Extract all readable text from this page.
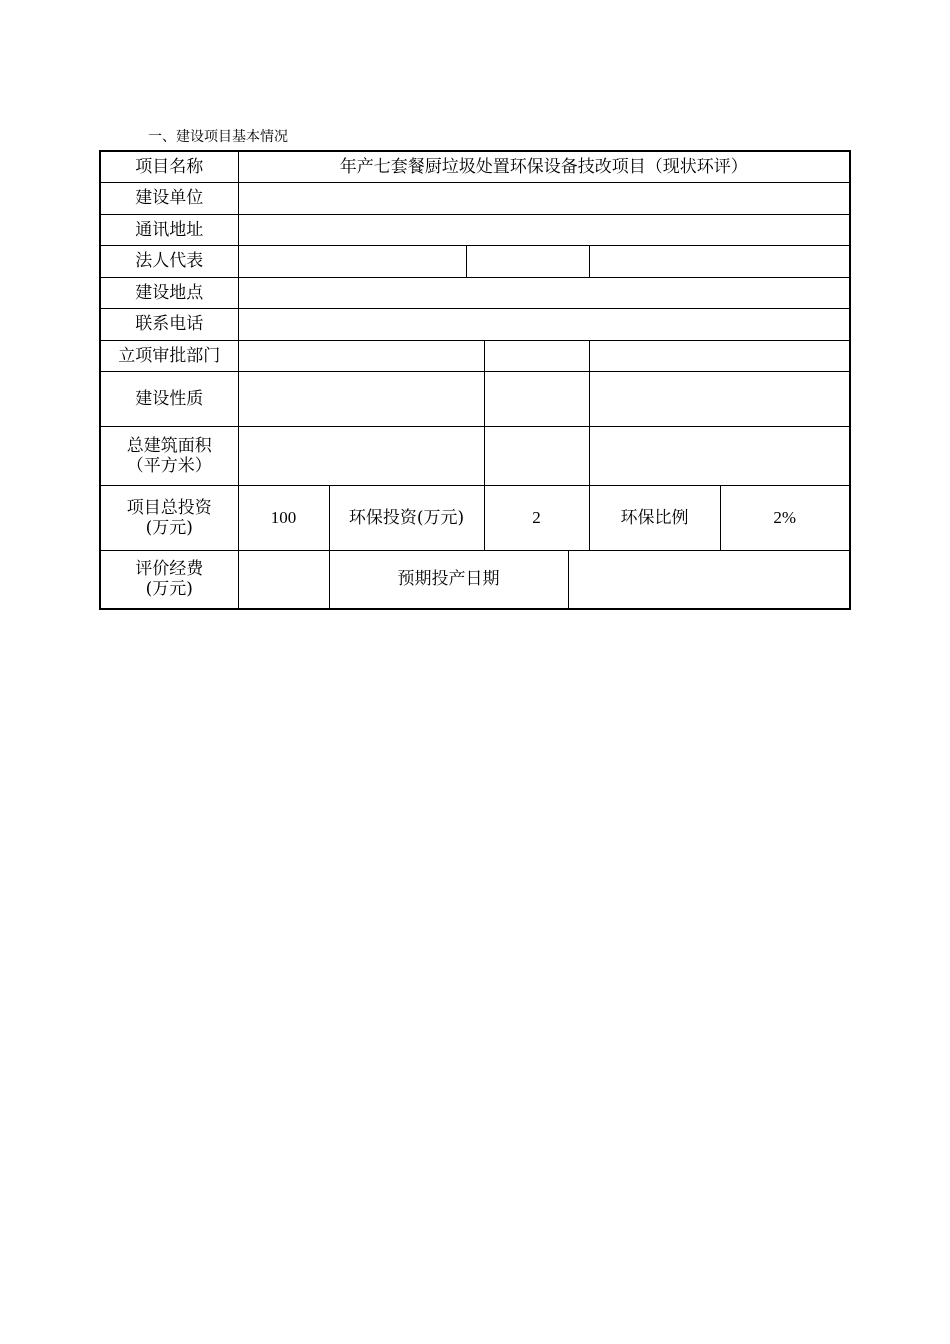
一、建设项目基本情况
项目名称	年产七套餐厨垃圾处置环保设备技改项目（现状环评）						
建设单位							
通讯地址							
法人代表							
建设地点							
联系电话							
立项审批部门							
建设性质							

总建筑面积
（平方米）							

项目总投资
(万元)	100	环保投资(万元)		2		环保比例	2%

评价经费
(万元)		预期投产日期					
